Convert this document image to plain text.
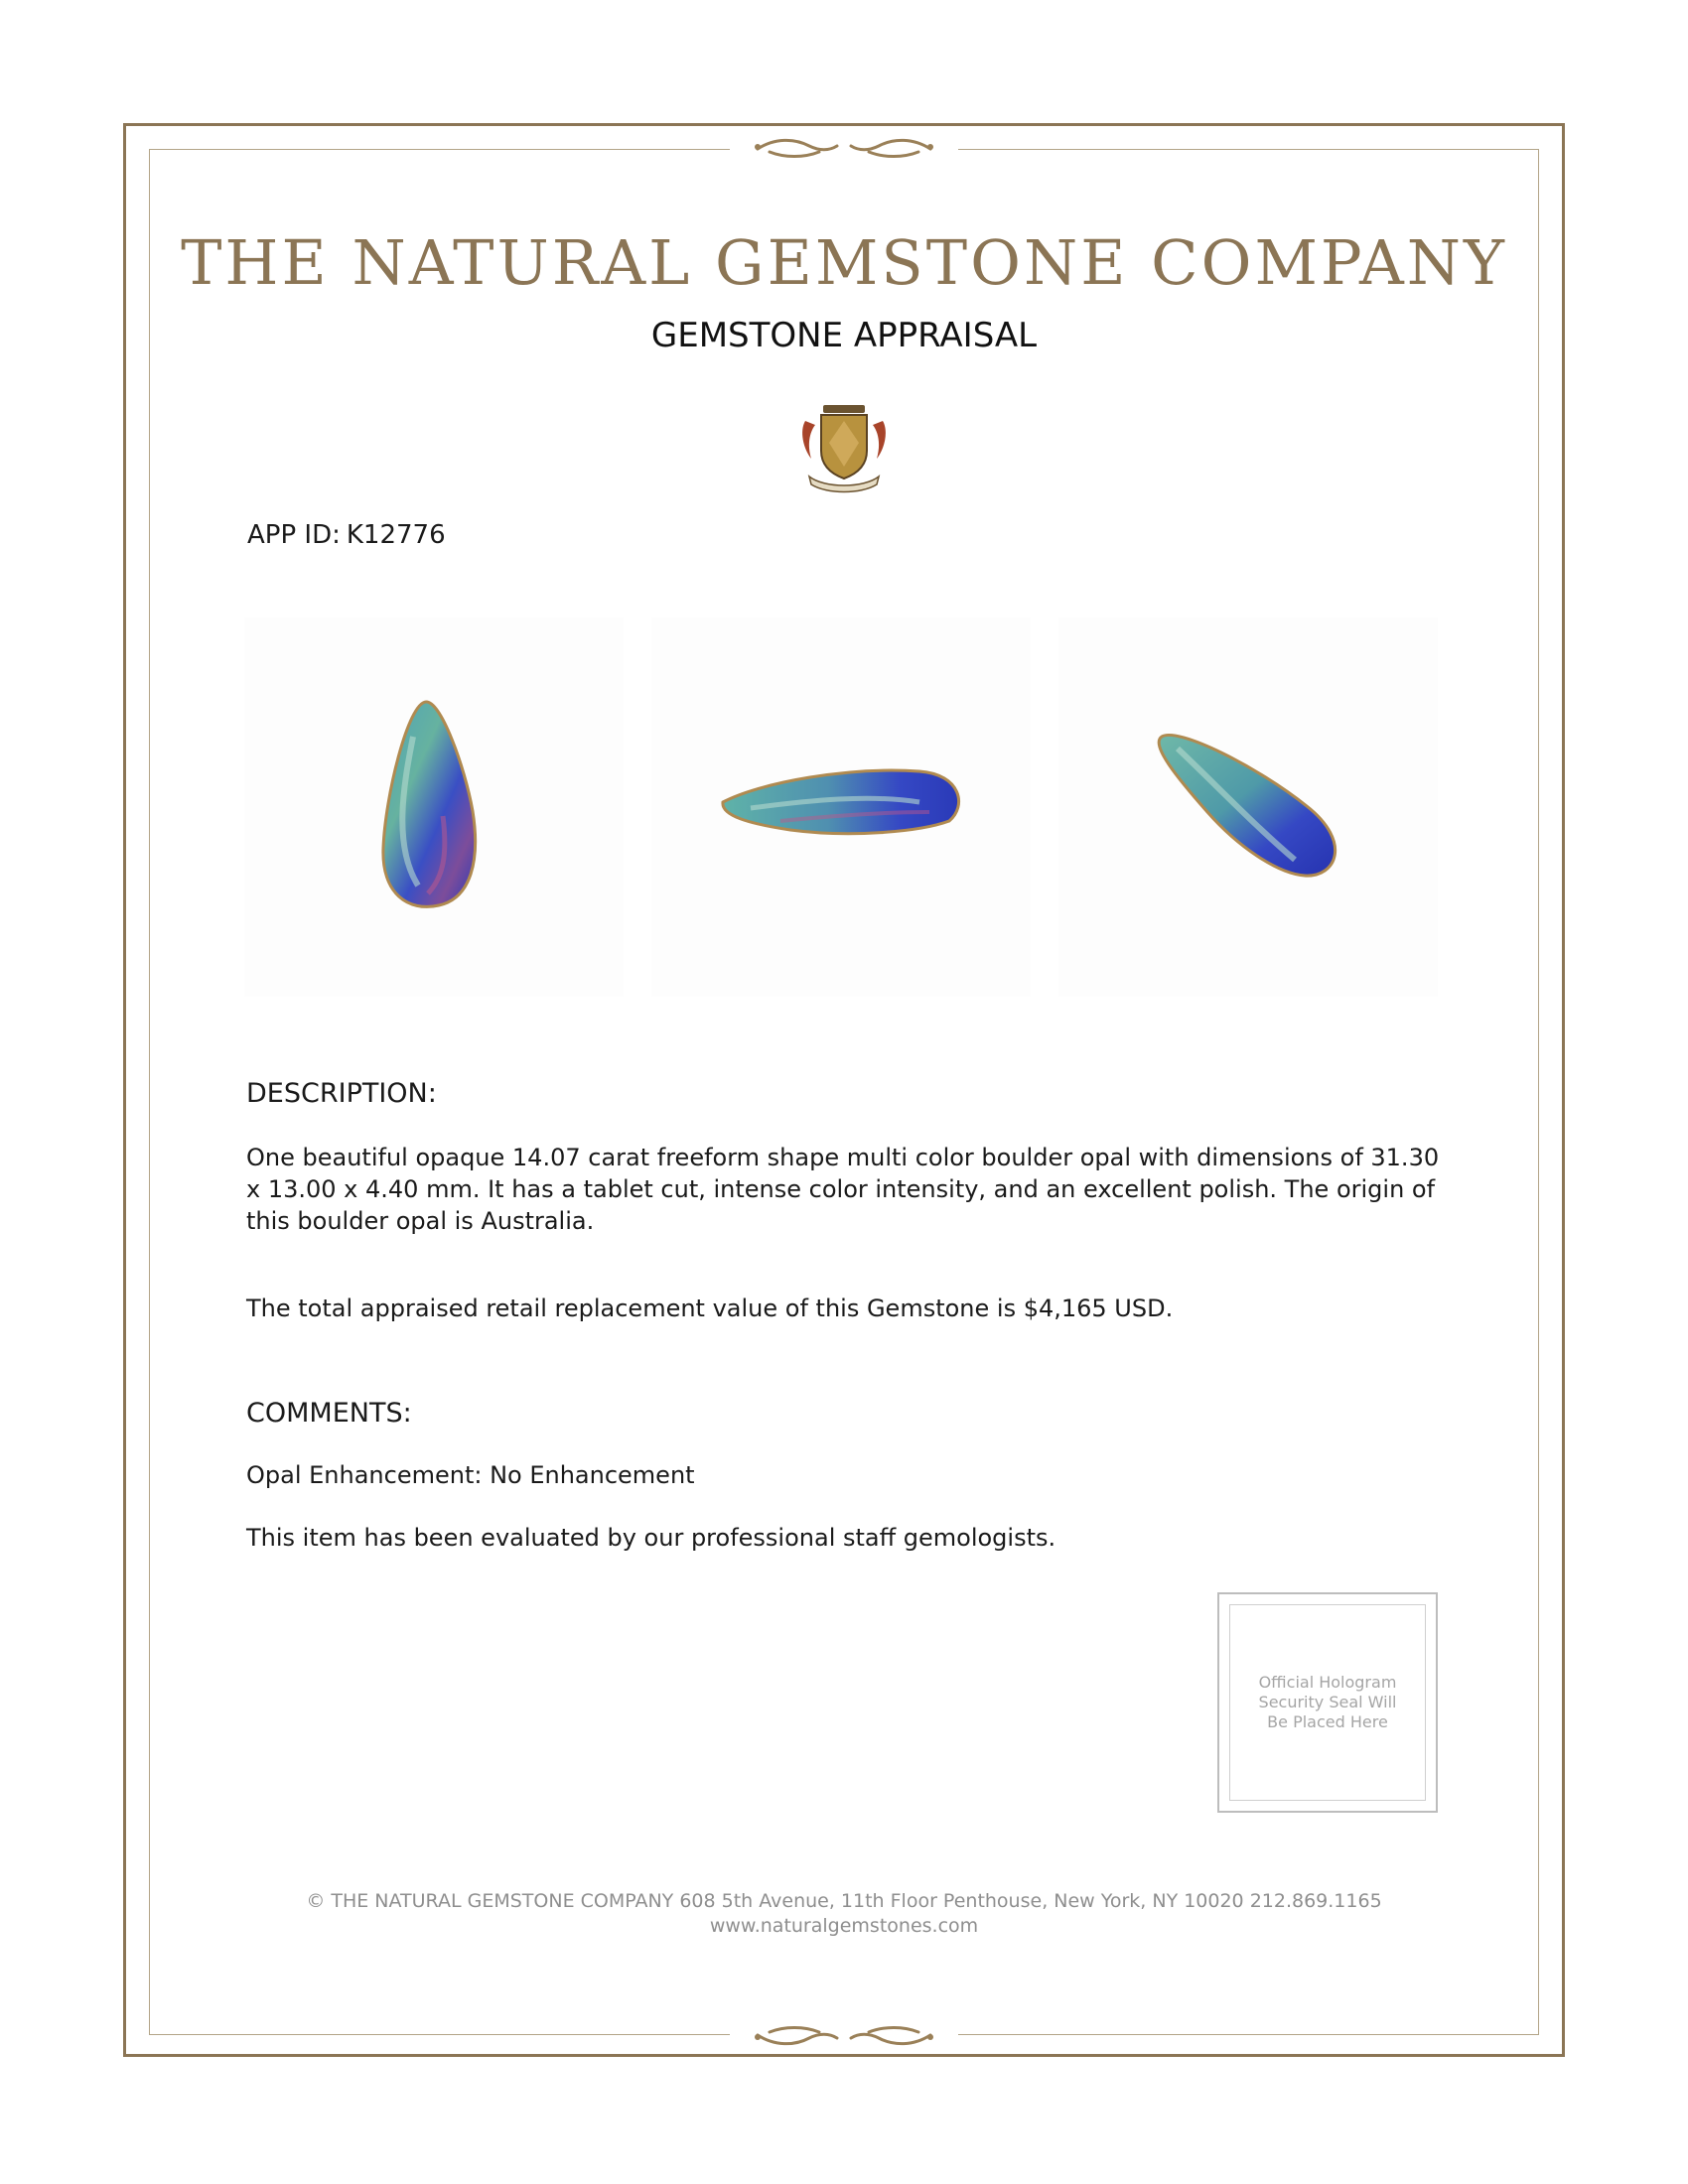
THE NATURAL GEMSTONE COMPANY
GEMSTONE APPRAISAL
APP ID: K12776
DESCRIPTION:
One beautiful opaque 14.07 carat freeform shape multi color boulder opal with dimensions of 31.30 x 13.00 x 4.40 mm. It has a tablet cut, intense color intensity, and an excellent polish. The origin of this boulder opal is Australia.
The total appraised retail replacement value of this Gemstone is $4,165 USD.
COMMENTS:
Opal Enhancement: No Enhancement
This item has been evaluated by our professional staff gemologists.
Official Hologram Security Seal Will Be Placed Here
© THE NATURAL GEMSTONE COMPANY 608 5th Avenue, 11th Floor Penthouse, New York, NY 10020 212.869.1165
www.naturalgemstones.com
